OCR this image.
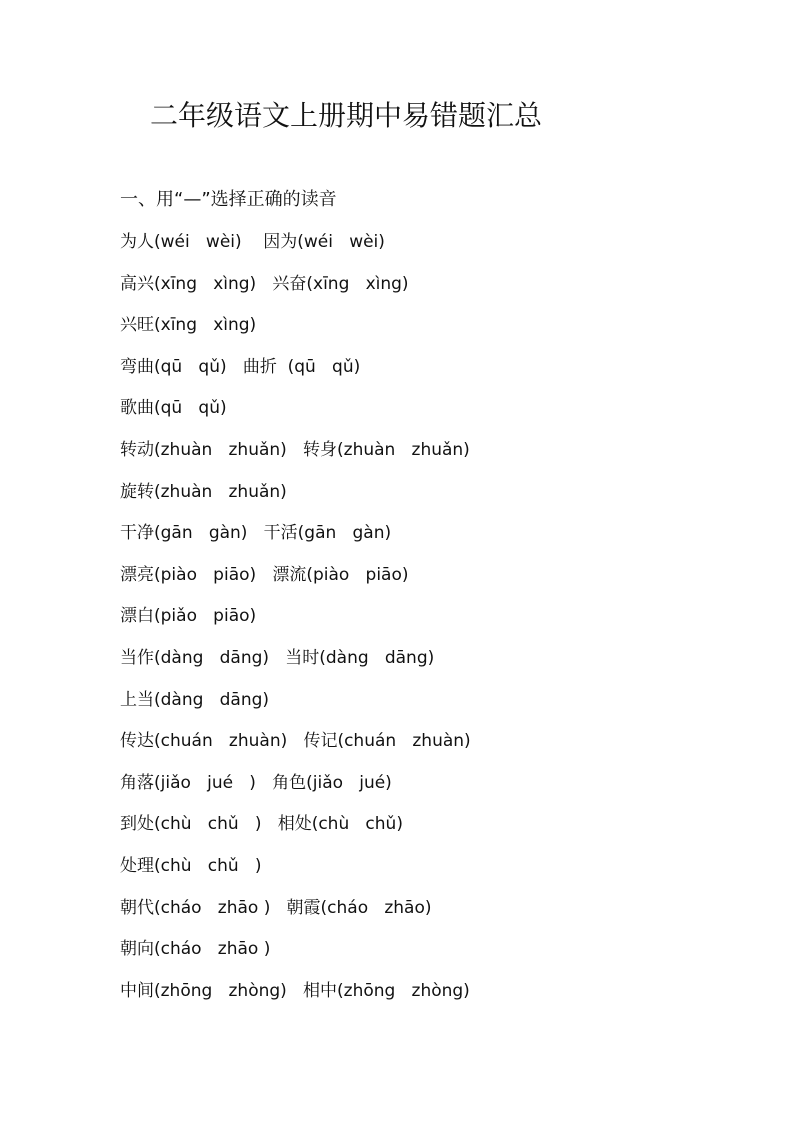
二年级语文上册期中易错题汇总
一、用“—”选择正确的读音
为人(wéi   wèi)    因为(wéi   wèi)
高兴(xīng   xìng)   兴奋(xīng   xìng)
兴旺(xīng   xìng)
弯曲(qū   qǔ)   曲折  (qū   qǔ)
歌曲(qū   qǔ)
转动(zhuàn   zhuǎn)   转身(zhuàn   zhuǎn)
旋转(zhuàn   zhuǎn)
干净(gān   gàn)   干活(gān   gàn)
漂亮(piào   piāo)   漂流(piào   piāo)
漂白(piǎo   piāo)
当作(dàng   dāng)   当时(dàng   dāng)
上当(dàng   dāng)
传达(chuán   zhuàn)   传记(chuán   zhuàn)
角落(jiǎo   jué   )   角色(jiǎo   jué)
到处(chù   chǔ   )   相处(chù   chǔ)
处理(chù   chǔ   )
朝代(cháo   zhāo )   朝霞(cháo   zhāo)
朝向(cháo   zhāo )
中间(zhōng   zhòng)   相中(zhōng   zhòng)
